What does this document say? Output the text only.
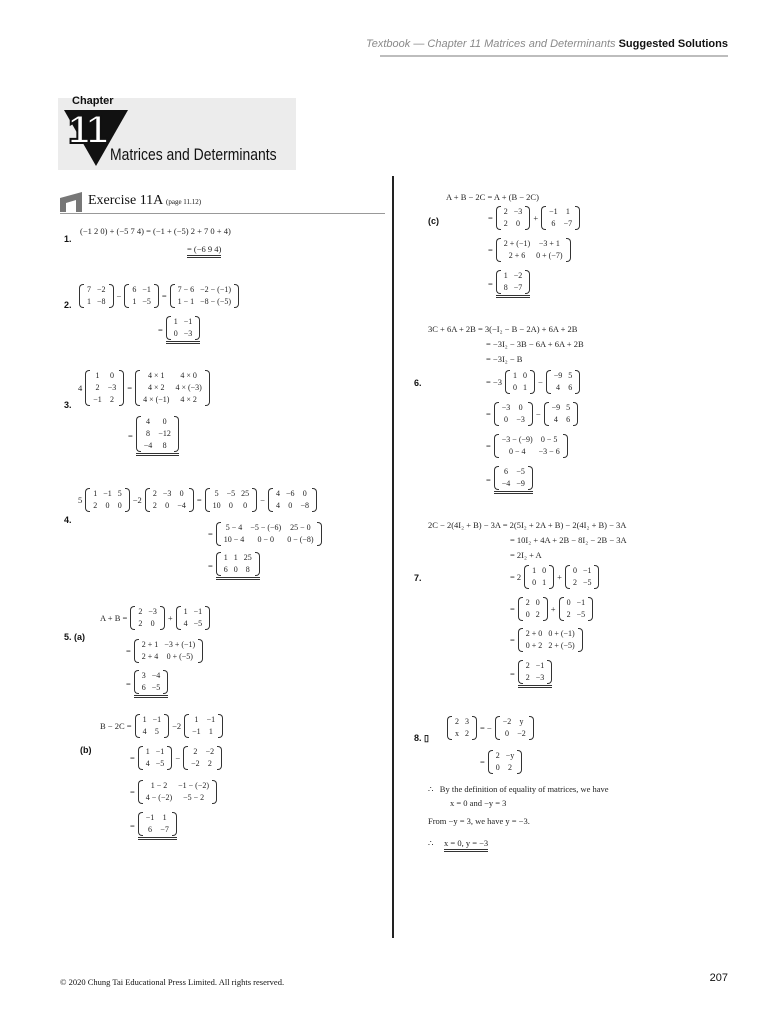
Textbook — Chapter 11 Matrices and Determinants Suggested Solutions
Chapter
11
Matrices and Determinants
Exercise 11A (page 11.12)
1.
(−1 2 0) + (−5 7 4) = (−1 + (−5) 2 + 7 0 + 4)
= (−6 9 4)
2.
7	−2
1	−8
−
6	−1
1	−5
=
7 − 6	−2 − (−1)
1 − 1	−8 − (−5)
=
1	−1
0	−3
3.
4
1	0
2	−3
−1	2
=
4 × 1	4 × 0
4 × 2	4 × (−3)
4 × (−1)	4 × 2
=
4	0
8	−12
−4	8
4.
5
1	−1	5
2	0	0
−2
2	−3	0
2	0	−4
=
5	−5	25
10	0	0
−
4	−6	0
4	0	−8
=
5 − 4	−5 − (−6)	25 − 0
10 − 4	0 − 0	0 − (−8)
=
1	1	25
6	0	8
5. (a)
A + B =
2	−3
2	0
+
1	−1
4	−5
=
2 + 1	−3 + (−1)
2 + 4	0 + (−5)
=
3	−4
6	−5
(b)
B − 2C =
1	−1
4	5
−2
1	−1
−1	1
=
1	−1
4	−5
−
2	−2
−2	2
=
1 − 2	−1 − (−2)
4 − (−2)	−5 − 2
=
−1	1
6	−7
(c)
A + B − 2C = A + (B − 2C)
=
2	−3
2	0
+
−1	1
6	−7
=
2 + (−1)	−3 + 1
2 + 6	0 + (−7)
=
1	−2
8	−7
6.
3C + 6A + 2B = 3(−I₂ − B − 2A) + 6A + 2B
= −3I₂ − 3B − 6A + 6A + 2B
= −3I₂ − B
= −3
1	0
0	1
−
−9	5
4	6
=
−3	0
0	−3
−
−9	5
4	6
=
−3 − (−9)	0 − 5
0 − 4	−3 − 6
=
6	−5
−4	−9
7.
2C − 2(4I₂ + B) − 3A = 2(5I₂ + 2A + B) − 2(4I₂ + B) − 3A
= 10I₂ + 4A + 2B − 8I₂ − 2B − 3A
= 2I₂ + A
= 2
1	0
0	1
+
0	−1
2	−5
=
2	0
0	2
+
0	−1
2	−5
=
2 + 0	0 + (−1)
0 + 2	2 + (−5)
=
2	−1
2	−3
8. ▯
2	3
x	2
= −
−2	y
0	−2
=
2	−y
0	2
∴ By the definition of equality of matrices, we have
x = 0 and −y = 3
From −y = 3, we have y = −3.
∴ x = 0, y = −3
© 2020 Chung Tai Educational Press Limited. All rights reserved.	207
